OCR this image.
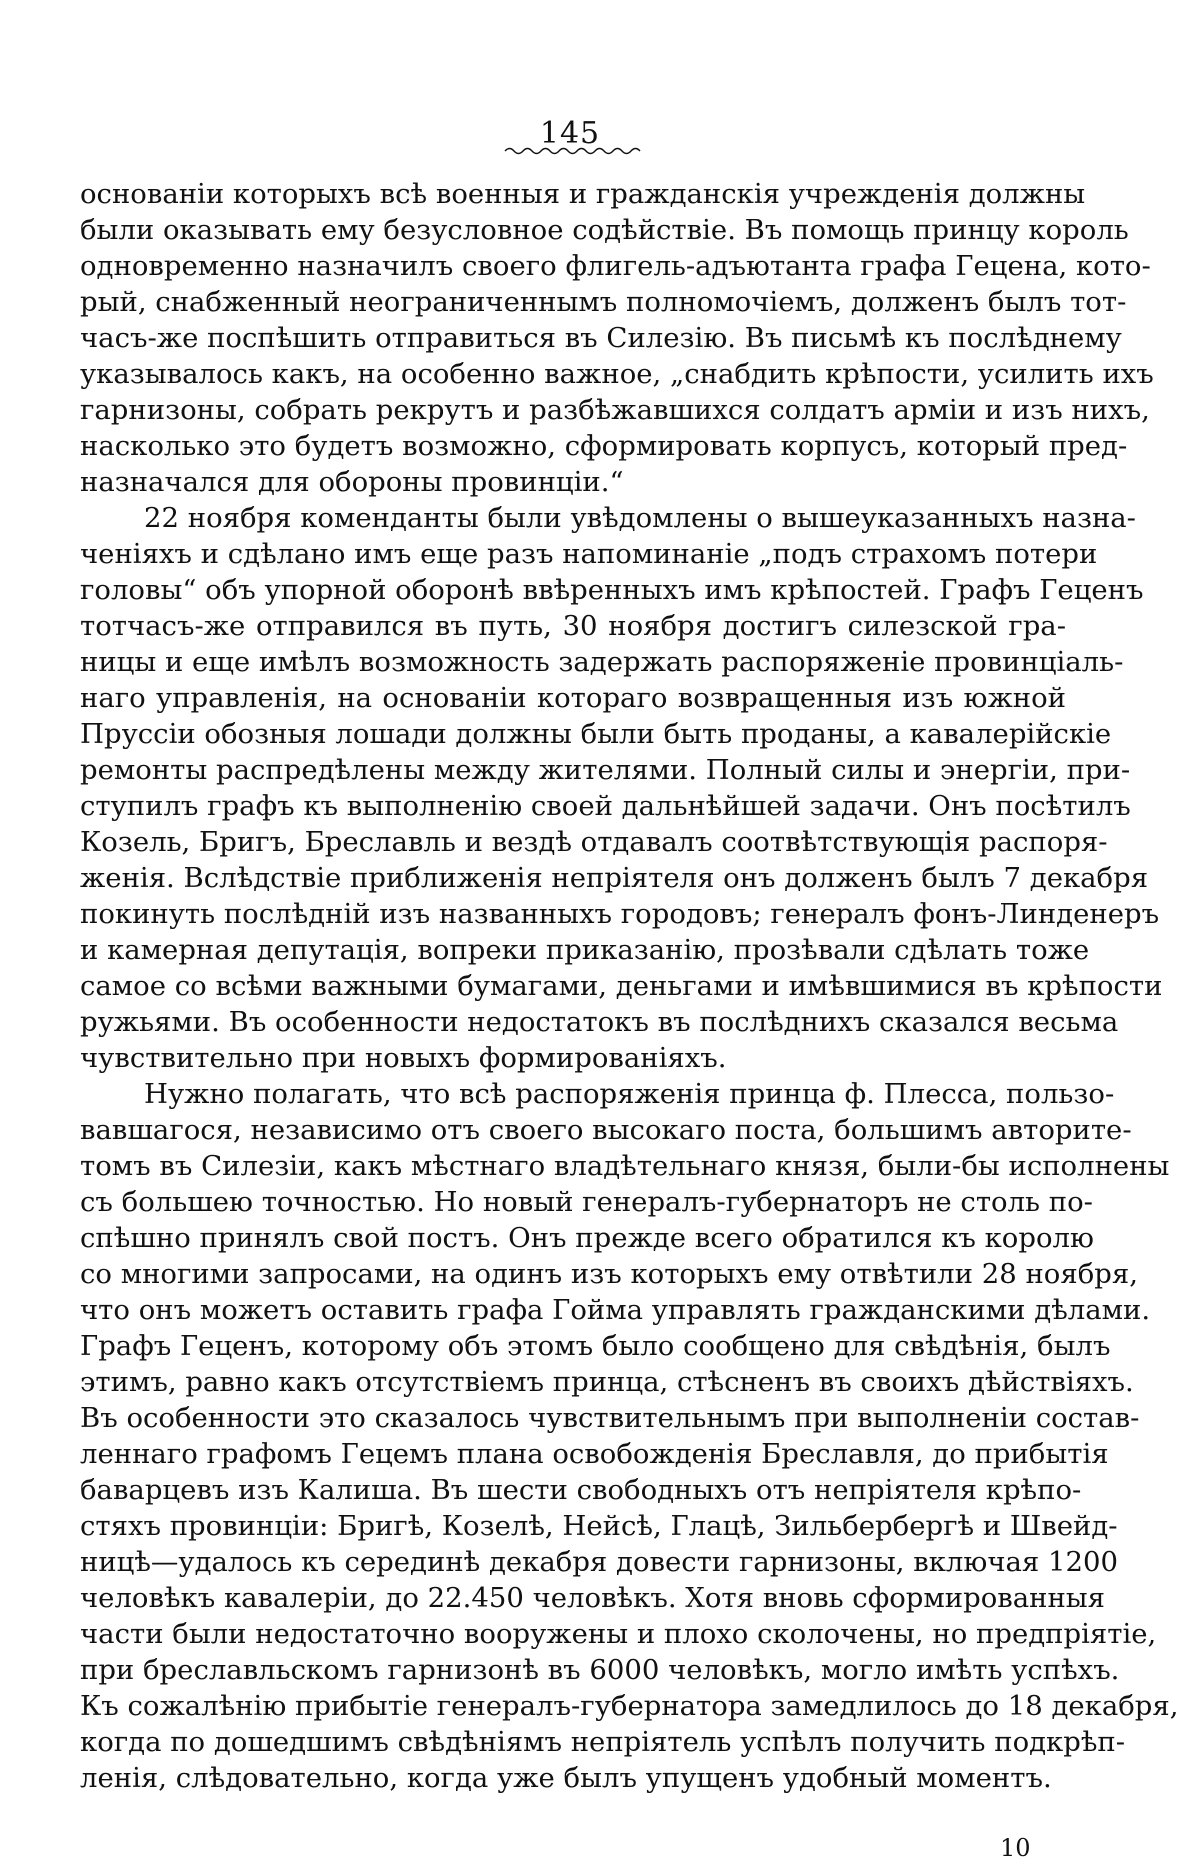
145
основанiи которыхъ всѣ военныя и гражданскiя учрежденiя должны
были оказывать ему безусловное содѣйствiе. Въ помощь принцу король
одновременно назначилъ своего флигель-адъютанта графа Гецена, кото-
рый, снабженный неограниченнымъ полномочiемъ, долженъ былъ тот-
часъ-же поспѣшить отправиться въ Силезiю. Въ письмѣ къ послѣднему
указывалось какъ, на особенно важное, „снабдить крѣпости, усилить ихъ
гарнизоны, собрать рекрутъ и разбѣжавшихся солдатъ армiи и изъ нихъ,
насколько это будетъ возможно, сформировать корпусъ, который пред-
назначался для обороны провинцiи.“
22 ноября коменданты были увѣдомлены о вышеуказанныхъ назна-
ченiяхъ и сдѣлано имъ еще разъ напоминанiе „подъ страхомъ потери
головы“ объ упорной оборонѣ ввѣренныхъ имъ крѣпостей. Графъ Геценъ
тотчасъ-же отправился въ путь, 30 ноября достигъ силезской гра-
ницы и еще имѣлъ возможность задержать распоряженiе провинцiаль-
наго управленiя, на основанiи котораго возвращенныя изъ южной
Пруссiи обозныя лошади должны были быть проданы, а кавалерiйскiе
ремонты распредѣлены между жителями. Полный силы и энергiи, при-
ступилъ графъ къ выполненiю своей дальнѣйшей задачи. Онъ посѣтилъ
Козель, Бригъ, Бреславль и вездѣ отдавалъ соотвѣтствующiя распоря-
женiя. Вслѣдствiе приближенiя непрiятеля онъ долженъ былъ 7 декабря
покинуть послѣднiй изъ названныхъ городовъ; генералъ фонъ-Линденеръ
и камерная депутацiя, вопреки приказанiю, прозѣвали сдѣлать тоже
самое со всѣми важными бумагами, деньгами и имѣвшимися въ крѣпости
ружьями. Въ особенности недостатокъ въ послѣднихъ сказался весьма
чувствительно при новыхъ формированiяхъ.
Нужно полагать, что всѣ распоряженiя принца ф. Плесса, пользо-
вавшагося, независимо отъ своего высокаго поста, большимъ авторите-
томъ въ Силезiи, какъ мѣстнаго владѣтельнаго князя, были-бы исполнены
съ большею точностью. Но новый генералъ-губернаторъ не столь по-
спѣшно принялъ свой постъ. Онъ прежде всего обратился къ королю
со многими запросами, на одинъ изъ которыхъ ему отвѣтили 28 ноября,
что онъ можетъ оставить графа Гойма управлять гражданскими дѣлами.
Графъ Геценъ, которому объ этомъ было сообщено для свѣдѣнiя, былъ
этимъ, равно какъ отсутствiемъ принца, стѣсненъ въ своихъ дѣйствiяхъ.
Въ особенности это сказалось чувствительнымъ при выполненiи состав-
леннаго графомъ Гецемъ плана освобожденiя Бреславля, до прибытiя
баварцевъ изъ Калиша. Въ шести свободныхъ отъ непрiятеля крѣпо-
стяхъ провинцiи: Бригѣ, Козелѣ, Нейсѣ, Глацѣ, Зильбербергѣ и Швейд-
ницѣ—удалось къ серединѣ декабря довести гарнизоны, включая 1200
человѣкъ кавалерiи, до 22.450 человѣкъ. Хотя вновь сформированныя
части были недостаточно вооружены и плохо сколочены, но предпрiятiе,
при бреславльскомъ гарнизонѣ въ 6000 человѣкъ, могло имѣть успѣхъ.
Къ сожалѣнiю прибытiе генералъ-губернатора замедлилось до 18 декабря,
когда по дошедшимъ свѣдѣнiямъ непрiятель успѣлъ получить подкрѣп-
ленiя, слѣдовательно, когда уже былъ упущенъ удобный моментъ.
10
